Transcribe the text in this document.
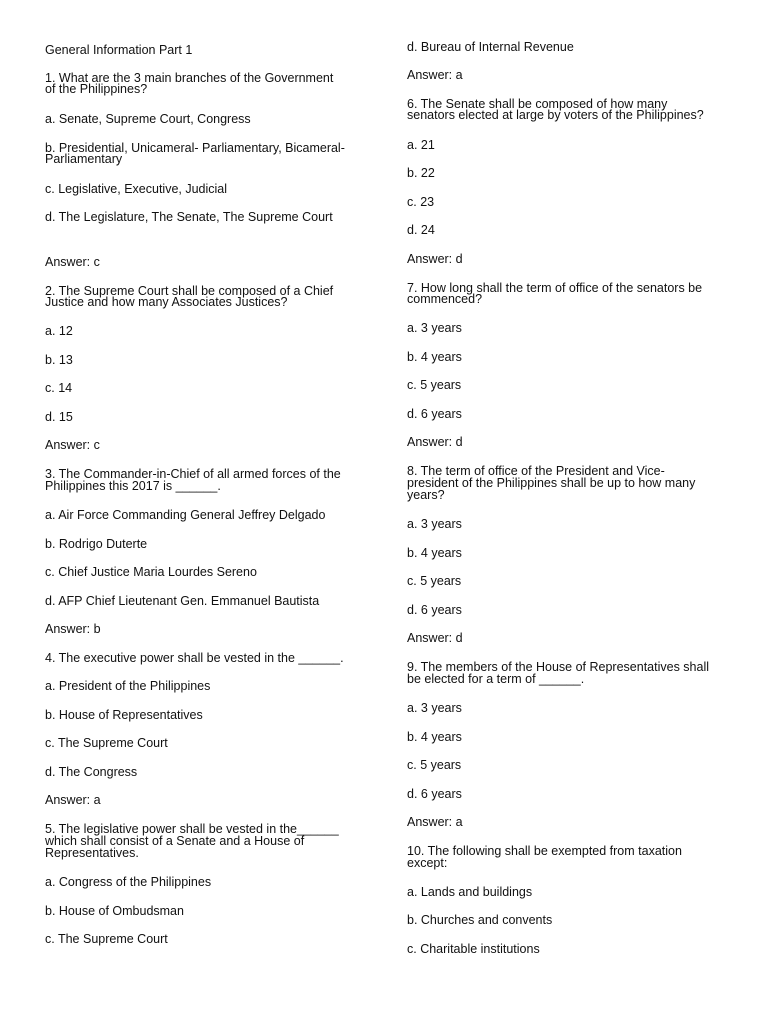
General Information Part 1
1. What are the 3 main branches of the Government
of the Philippines?
a. Senate, Supreme Court, Congress
b. Presidential, Unicameral- Parliamentary, Bicameral-
Parliamentary
c. Legislative, Executive, Judicial
d. The Legislature, The Senate, The Supreme Court
Answer: c
2. The Supreme Court shall be composed of a Chief
Justice and how many Associates Justices?
a. 12
b. 13
c. 14
d. 15
Answer: c
3. The Commander-in-Chief of all armed forces of the
Philippines this 2017 is ______.
a. Air Force Commanding General Jeffrey Delgado
b. Rodrigo Duterte
c. Chief Justice Maria Lourdes Sereno
d. AFP Chief Lieutenant Gen. Emmanuel Bautista
Answer: b
4. The executive power shall be vested in the ______.
a. President of the Philippines
b. House of Representatives
c. The Supreme Court
d. The Congress
Answer: a
5. The legislative power shall be vested in the______
which shall consist of a Senate and a House of
Representatives.
a. Congress of the Philippines
b. House of Ombudsman
c. The Supreme Court
d. Bureau of Internal Revenue
Answer: a
6. The Senate shall be composed of how many
senators elected at large by voters of the Philippines?
a. 21
b. 22
c. 23
d. 24
Answer: d
7. How long shall the term of office of the senators be
commenced?
a. 3 years
b. 4 years
c. 5 years
d. 6 years
Answer: d
8. The term of office of the President and Vice-
president of the Philippines shall be up to how many
years?
a. 3 years
b. 4 years
c. 5 years
d. 6 years
Answer: d
9. The members of the House of Representatives shall
be elected for a term of ______.
a. 3 years
b. 4 years
c. 5 years
d. 6 years
Answer: a
10. The following shall be exempted from taxation
except:
a. Lands and buildings
b. Churches and convents
c. Charitable institutions
